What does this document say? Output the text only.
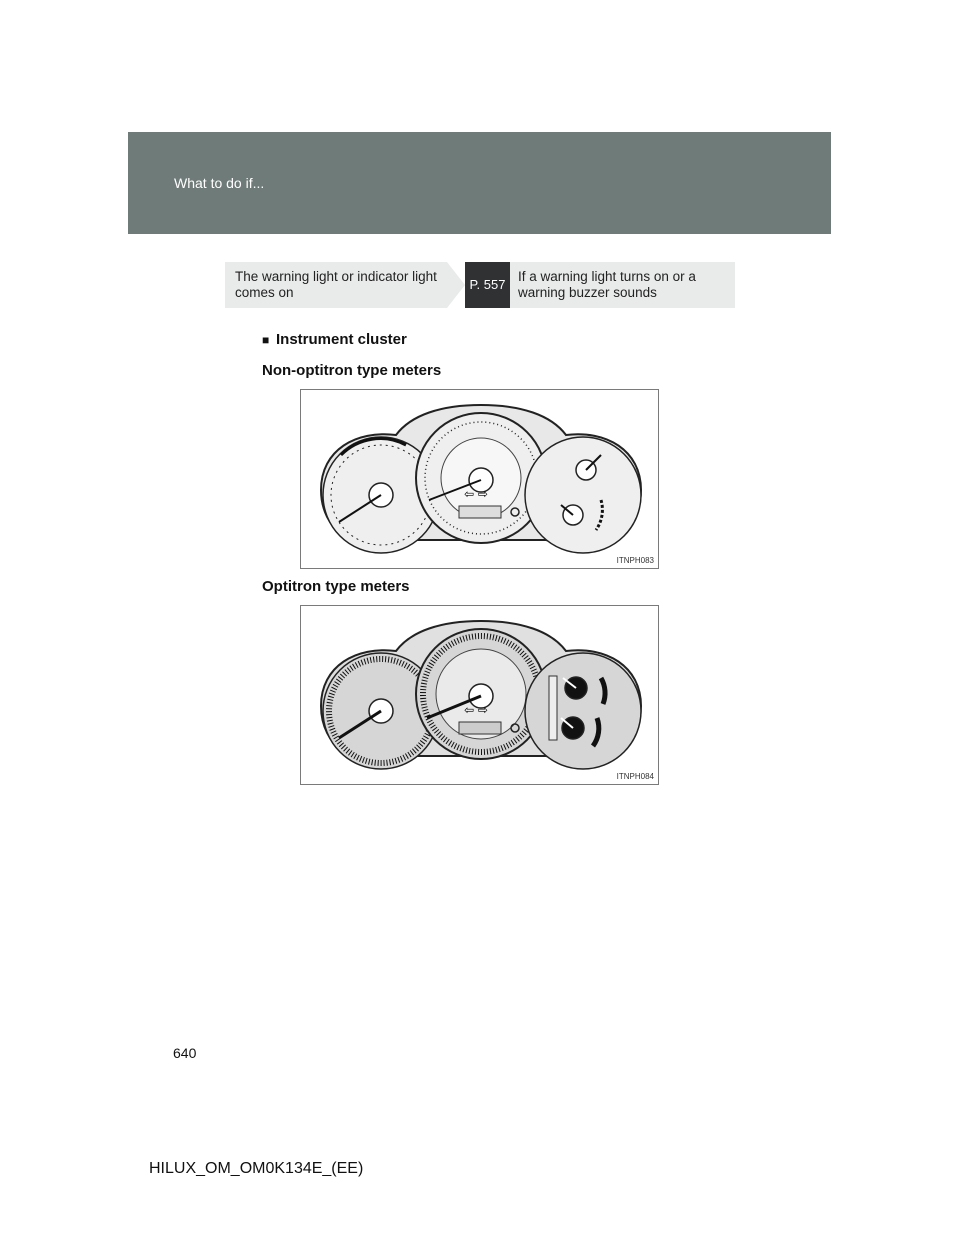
What to do if...
The warning light or indicator light comes on
P. 557
If a warning light turns on or a warning buzzer sounds
■ Instrument cluster
Non-optitron type meters
⇦ ⇨
ITNPH083
Optitron type meters
⇦ ⇨
ITNPH084
640
HILUX_OM_OM0K134E_(EE)
